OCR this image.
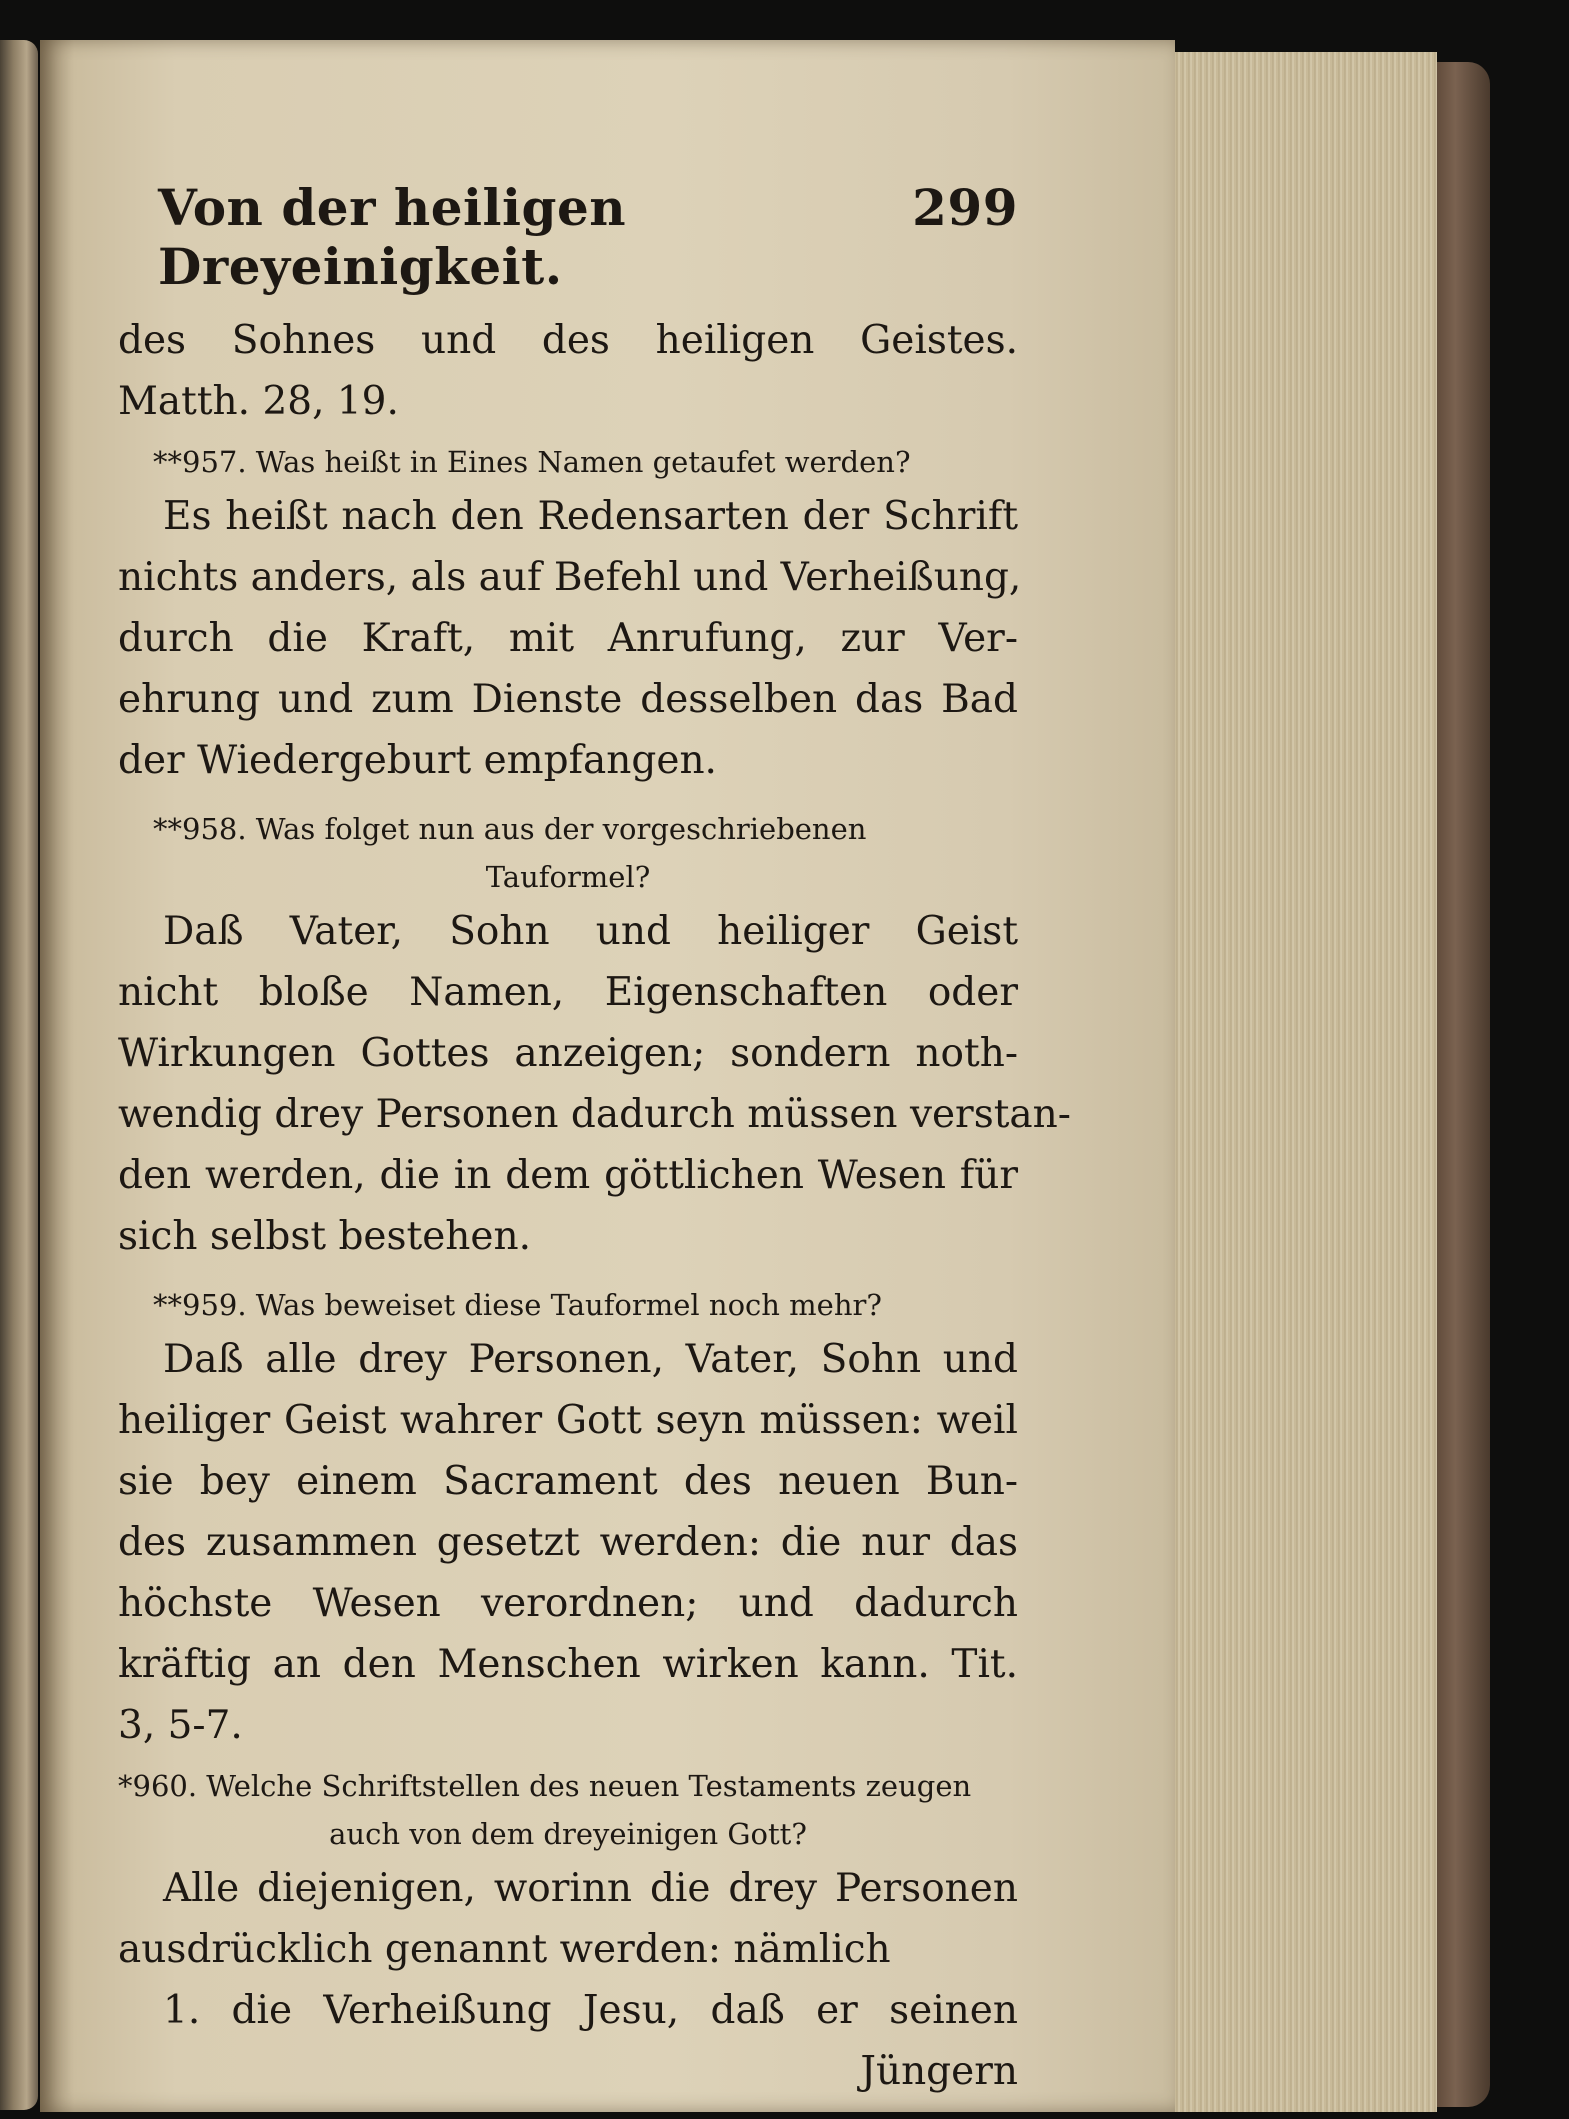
Von der heiligen Dreyeinigkeit.
299
des Sohnes und des heiligen Geistes.
Matth. 28, 19.
**957. Was heißt in Eines Namen getaufet werden?
Es heißt nach den Redensarten der Schrift
nichts anders, als auf Befehl und Verheißung,
durch die Kraft, mit Anrufung, zur Ver-
ehrung und zum Dienste desselben das Bad
der Wiedergeburt empfangen.
**958. Was folget nun aus der vorgeschriebenen
Tauformel?
Daß Vater, Sohn und heiliger Geist
nicht bloße Namen, Eigenschaften oder
Wirkungen Gottes anzeigen; sondern noth-
wendig drey Personen dadurch müssen verstan-
den werden, die in dem göttlichen Wesen für
sich selbst bestehen.
**959. Was beweiset diese Tauformel noch mehr?
Daß alle drey Personen, Vater, Sohn und
heiliger Geist wahrer Gott seyn müssen: weil
sie bey einem Sacrament des neuen Bun-
des zusammen gesetzt werden: die nur das
höchste Wesen verordnen; und dadurch
kräftig an den Menschen wirken kann. Tit.
3, 5-7.
*960. Welche Schriftstellen des neuen Testaments zeugen
auch von dem dreyeinigen Gott?
Alle diejenigen, worinn die drey Personen
ausdrücklich genannt werden: nämlich
1. die Verheißung Jesu, daß er seinen
Jüngern
